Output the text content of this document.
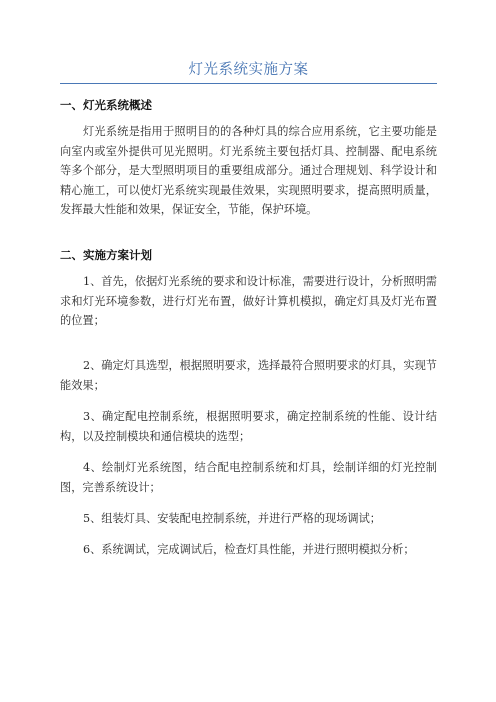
灯光系统实施方案
一、灯光系统概述

灯光系统是指用于照明目的的各种灯具的综合应用系统，它主要功能是向室内或室外提供可见光照明。灯光系统主要包括灯具、控制器、配电系统等多个部分，是大型照明项目的重要组成部分。通过合理规划、科学设计和精心施工，可以使灯光系统实现最佳效果，实现照明要求，提高照明质量，发挥最大性能和效果，保证安全，节能，保护环境。

二、实施方案计划

1、首先，依据灯光系统的要求和设计标准，需要进行设计，分析照明需求和灯光环境参数，进行灯光布置，做好计算机模拟，确定灯具及灯光布置的位置；

2、确定灯具选型，根据照明要求，选择最符合照明要求的灯具，实现节能效果；

3、确定配电控制系统，根据照明要求，确定控制系统的性能、设计结构，以及控制模块和通信模块的选型；

4、绘制灯光系统图，结合配电控制系统和灯具，绘制详细的灯光控制图，完善系统设计；

5、组装灯具、安装配电控制系统，并进行严格的现场调试；

6、系统调试，完成调试后，检查灯具性能，并进行照明模拟分析；
